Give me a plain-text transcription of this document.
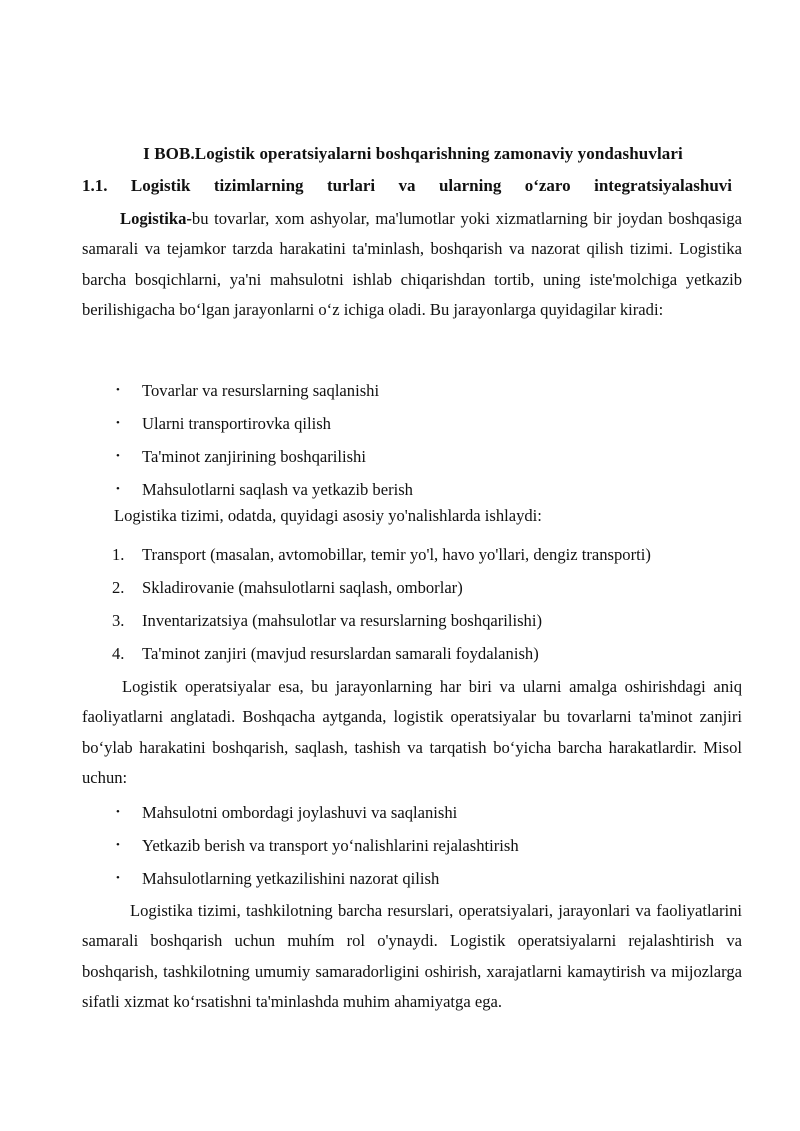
I BOB.Logistik operatsiyalarni boshqarishning zamonaviy yondashuvlari
1.1. Logistik tizimlarning turlari va ularning o‘zaro integratsiyalashuvi

Logistika-bu tovarlar, xom ashyolar, ma'lumotlar yoki xizmatlarning bir joydan boshqasiga samarali va tejamkor tarzda harakatini ta'minlash, boshqarish va nazorat qilish tizimi. Logistika barcha bosqichlarni, ya'ni mahsulotni ishlab chiqarishdan tortib, uning iste'molchiga yetkazib berilishigacha bo‘lgan jarayonlarni o‘z ichiga oladi. Bu jarayonlarga quyidagilar kiradi:

• Tovarlar va resurslarning saqlanishi
• Ularni transportirovka qilish
• Ta'minot zanjirining boshqarilishi
• Mahsulotlarni saqlash va yetkazib berish
Logistika tizimi, odatda, quyidagi asosiy yo'nalishlarda ishlaydi:
1. Transport (masalan, avtomobillar, temir yo'l, havo yo'llari, dengiz transporti)
2. Skladirovanie (mahsulotlarni saqlash, omborlar)
3. Inventarizatsiya (mahsulotlar va resurslarning boshqarilishi)
4. Ta'minot zanjiri (mavjud resurslardan samarali foydalanish)

Logistik operatsiyalar esa, bu jarayonlarning har biri va ularni amalga oshirishdagi aniq faoliyatlarni anglatadi. Boshqacha aytganda, logistik operatsiyalar bu tovarlarni ta'minot zanjiri bo‘ylab harakatini boshqarish, saqlash, tashish va tarqatish bo‘yicha barcha harakatlardir. Misol uchun:

• Mahsulotni ombordagi joylashuvi va saqlanishi
• Yetkazib berish va transport yo‘nalishlarini rejalashtirish
• Mahsulotlarning yetkazilishini nazorat qilish

Logistika tizimi, tashkilotning barcha resurslari, operatsiyalari, jarayonlari va faoliyatlarini samarali boshqarish uchun muhím rol o'ynaydi. Logistik operatsiyalarni rejalashtirish va boshqarish, tashkilotning umumiy samaradorligini oshirish, xarajatlarni kamaytirish va mijozlarga sifatli xizmat ko‘rsatishni ta'minlashda muhim ahamiyatga ega.
